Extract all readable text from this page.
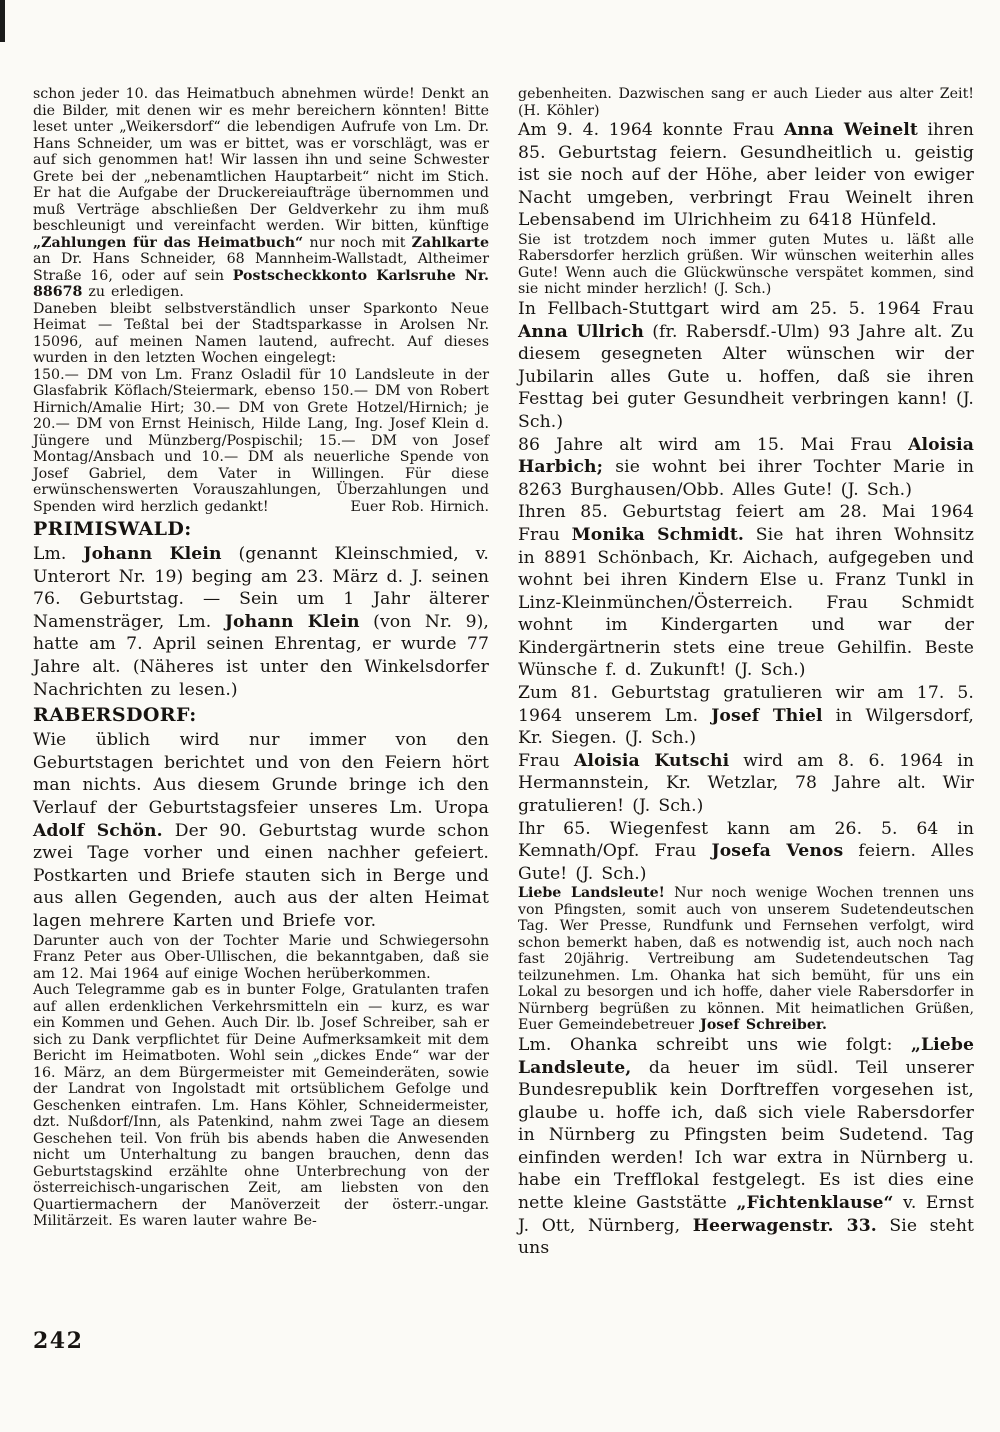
schon jeder 10. das Heimatbuch abnehmen würde! Denkt an die Bilder, mit denen wir es mehr bereichern könnten! Bitte leset unter „Weikersdorf“ die lebendigen Aufrufe von Lm. Dr. Hans Schneider, um was er bittet, was er vorschlägt, was er auf sich genommen hat! Wir lassen ihn und seine Schwester Grete bei der „nebenamtlichen Hauptarbeit“ nicht im Stich. Er hat die Aufgabe der Druckereiaufträge übernommen und muß Verträge abschließen Der Geldverkehr zu ihm muß beschleunigt und vereinfacht werden. Wir bitten, künftige „Zahlungen für das Heimatbuch“ nur noch mit Zahlkarte an Dr. Hans Schneider, 68 Mannheim-Wallstadt, Altheimer Straße 16, oder auf sein Postscheckkonto Karlsruhe Nr. 88678 zu erledigen.

Daneben bleibt selbstverständlich unser Sparkonto Neue Heimat — Teßtal bei der Stadtsparkasse in Arolsen Nr. 15096, auf meinen Namen lautend, aufrecht. Auf dieses wurden in den letzten Wochen eingelegt:

150.— DM von Lm. Franz Osladil für 10 Landsleute in der Glasfabrik Köflach/Steiermark, ebenso 150.— DM von Robert Hirnich/Amalie Hirt; 30.— DM von Grete Hotzel/Hirnich; je 20.— DM von Ernst Heinisch, Hilde Lang, Ing. Josef Klein d. Jüngere und Münzberg/Pospischil; 15.— DM von Josef Montag/Ansbach und 10.— DM als neuerliche Spende von Josef Gabriel, dem Vater in Willingen. Für diese erwünschenswerten Vorauszahlungen, Überzahlungen und Spenden wird herzlich gedankt!	Euer Rob. Hirnich.

PRIMISWALD:

Lm. Johann Klein (genannt Kleinschmied, v. Unterort Nr. 19) beging am 23. März d. J. seinen 76. Geburtstag. — Sein um 1 Jahr älterer Namensträger, Lm. Johann Klein (von Nr. 9), hatte am 7. April seinen Ehrentag, er wurde 77 Jahre alt. (Näheres ist unter den Winkelsdorfer Nachrichten zu lesen.)

RABERSDORF:

Wie üblich wird nur immer von den Geburtstagen berichtet und von den Feiern hört man nichts. Aus diesem Grunde bringe ich den Verlauf der Geburtstagsfeier unseres Lm. Uropa Adolf Schön. Der 90. Geburtstag wurde schon zwei Tage vorher und einen nachher gefeiert. Postkarten und Briefe stauten sich in Berge und aus allen Gegenden, auch aus der alten Heimat lagen mehrere Karten und Briefe vor.

Darunter auch von der Tochter Marie und Schwiegersohn Franz Peter aus Ober-Ullischen, die bekanntgaben, daß sie am 12. Mai 1964 auf einige Wochen herüberkommen.

Auch Telegramme gab es in bunter Folge, Gratulanten trafen auf allen erdenklichen Verkehrsmitteln ein — kurz, es war ein Kommen und Gehen. Auch Dir. lb. Josef Schreiber, sah er sich zu Dank verpflichtet für Deine Aufmerksamkeit mit dem Bericht im Heimatboten. Wohl sein „dickes Ende“ war der 16. März, an dem Bürgermeister mit Gemeinderäten, sowie der Landrat von Ingolstadt mit ortsüblichem Gefolge und Geschenken eintrafen. Lm. Hans Köhler, Schneidermeister, dzt. Nußdorf/Inn, als Patenkind, nahm zwei Tage an diesem Geschehen teil. Von früh bis abends haben die Anwesenden nicht um Unterhaltung zu bangen brauchen, denn das Geburtstagskind erzählte ohne Unterbrechung von der österreichisch-ungarischen Zeit, am liebsten von den Quartiermachern der Manöverzeit der österr.-ungar. Militärzeit. Es waren lauter wahre Be-

gebenheiten. Dazwischen sang er auch Lieder aus alter Zeit! (H. Köhler)

Am 9. 4. 1964 konnte Frau Anna Weinelt ihren 85. Geburtstag feiern. Gesundheitlich u. geistig ist sie noch auf der Höhe, aber leider von ewiger Nacht umgeben, verbringt Frau Weinelt ihren Lebensabend im Ulrichheim zu 6418 Hünfeld.

Sie ist trotzdem noch immer guten Mutes u. läßt alle Rabersdorfer herzlich grüßen. Wir wünschen weiterhin alles Gute! Wenn auch die Glückwünsche verspätet kommen, sind sie nicht minder herzlich! (J. Sch.)

In Fellbach-Stuttgart wird am 25. 5. 1964 Frau Anna Ullrich (fr. Rabersdf.-Ulm) 93 Jahre alt. Zu diesem gesegneten Alter wünschen wir der Jubilarin alles Gute u. hoffen, daß sie ihren Festtag bei guter Gesundheit verbringen kann! (J. Sch.)

86 Jahre alt wird am 15. Mai Frau Aloisia Harbich; sie wohnt bei ihrer Tochter Marie in 8263 Burghausen/Obb. Alles Gute! (J. Sch.)

Ihren 85. Geburtstag feiert am 28. Mai 1964 Frau Monika Schmidt. Sie hat ihren Wohnsitz in 8891 Schönbach, Kr. Aichach, aufgegeben und wohnt bei ihren Kindern Else u. Franz Tunkl in Linz-Kleinmünchen/Österreich. Frau Schmidt wohnt im Kindergarten und war der Kindergärtnerin stets eine treue Gehilfin. Beste Wünsche f. d. Zukunft! (J. Sch.)

Zum 81. Geburtstag gratulieren wir am 17. 5. 1964 unserem Lm. Josef Thiel in Wilgersdorf, Kr. Siegen. (J. Sch.)

Frau Aloisia Kutschi wird am 8. 6. 1964 in Hermannstein, Kr. Wetzlar, 78 Jahre alt. Wir gratulieren! (J. Sch.)

Ihr 65. Wiegenfest kann am 26. 5. 64 in Kemnath/Opf. Frau Josefa Venos feiern. Alles Gute! (J. Sch.)

Liebe Landsleute! Nur noch wenige Wochen trennen uns von Pfingsten, somit auch von unserem Sudetendeutschen Tag. Wer Presse, Rundfunk und Fernsehen verfolgt, wird schon bemerkt haben, daß es notwendig ist, auch noch nach fast 20jährig. Vertreibung am Sudetendeutschen Tag teilzunehmen. Lm. Ohanka hat sich bemüht, für uns ein Lokal zu besorgen und ich hoffe, daher viele Rabersdorfer in Nürnberg begrüßen zu können. Mit heimatlichen Grüßen, Euer Gemeindebetreuer Josef Schreiber.

Lm. Ohanka schreibt uns wie folgt: „Liebe Landsleute, da heuer im südl. Teil unserer Bundesrepublik kein Dorftreffen vorgesehen ist, glaube u. hoffe ich, daß sich viele Rabersdorfer in Nürnberg zu Pfingsten beim Sudetend. Tag einfinden werden! Ich war extra in Nürnberg u. habe ein Trefflokal festgelegt. Es ist dies eine nette kleine Gaststätte „Fichtenklause“ v. Ernst J. Ott, Nürnberg, Heerwagenstr. 33. Sie steht uns

242
